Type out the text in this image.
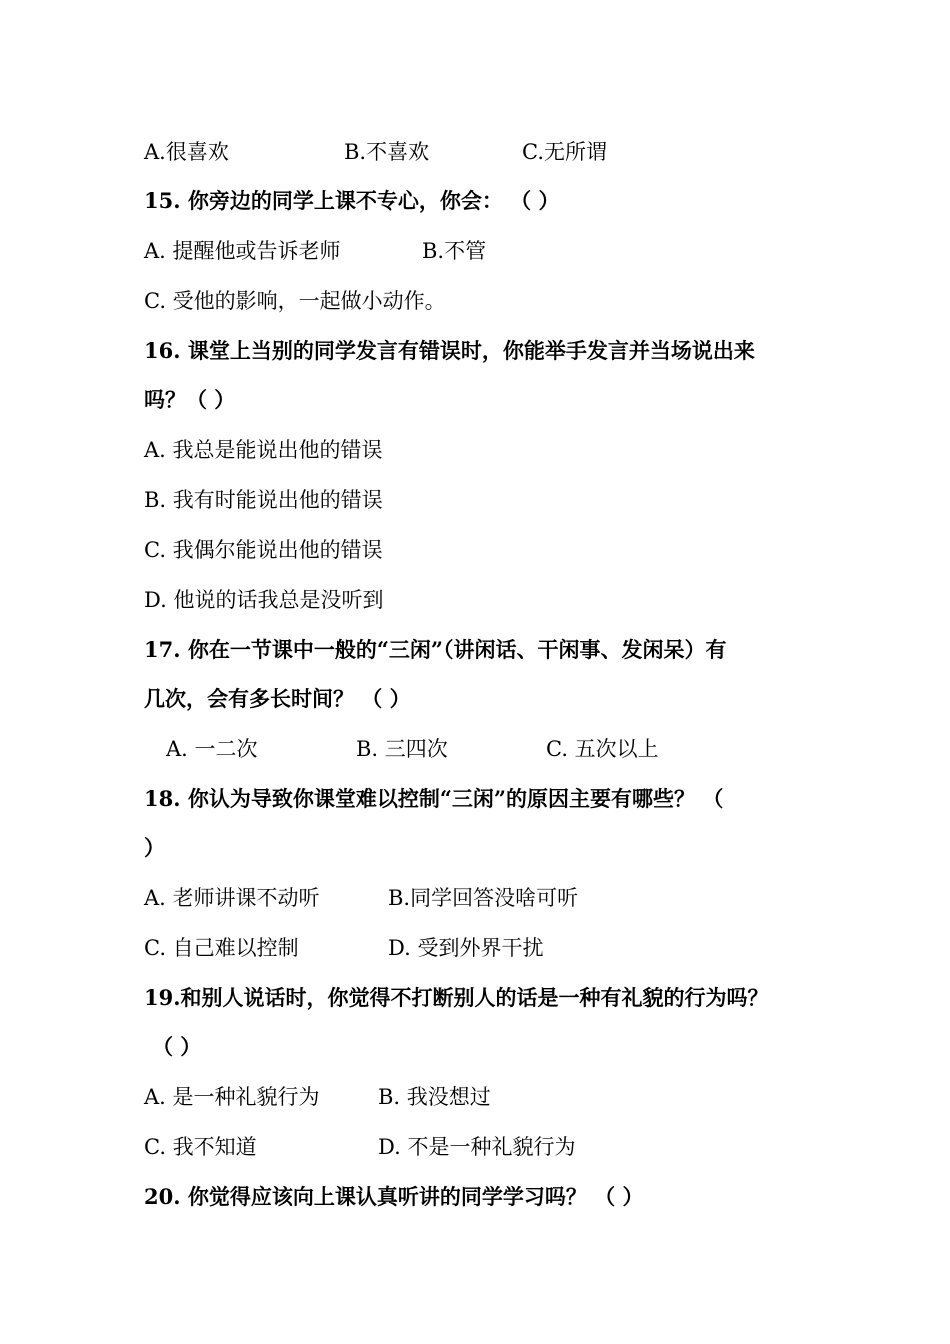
A.很喜欢	B.不喜欢	C.无所谓
15. 你旁边的同学上课不专心，你会： （ ）
A. 提醒他或告诉老师	B.不管
C. 受他的影响，一起做小动作。
16. 课堂上当别的同学发言有错误时，你能举手发言并当场说出来
吗？（ ）
A. 我总是能说出他的错误
B. 我有时能说出他的错误
C. 我偶尔能说出他的错误
D. 他说的话我总是没听到
17. 你在一节课中一般的“三闲”（讲闲话、干闲事、发闲呆）有
几次，会有多长时间？ （ ）
A. 一二次	B. 三四次	C. 五次以上
18. 你认为导致你课堂难以控制“三闲”的原因主要有哪些？ （
）
A. 老师讲课不动听	B.同学回答没啥可听
C. 自己难以控制	D. 受到外界干扰
19.和别人说话时，你觉得不打断别人的话是一种有礼貌的行为吗？
（ ）
A. 是一种礼貌行为	B. 我没想过
C. 我不知道	D. 不是一种礼貌行为
20. 你觉得应该向上课认真听讲的同学学习吗？ （ ）
